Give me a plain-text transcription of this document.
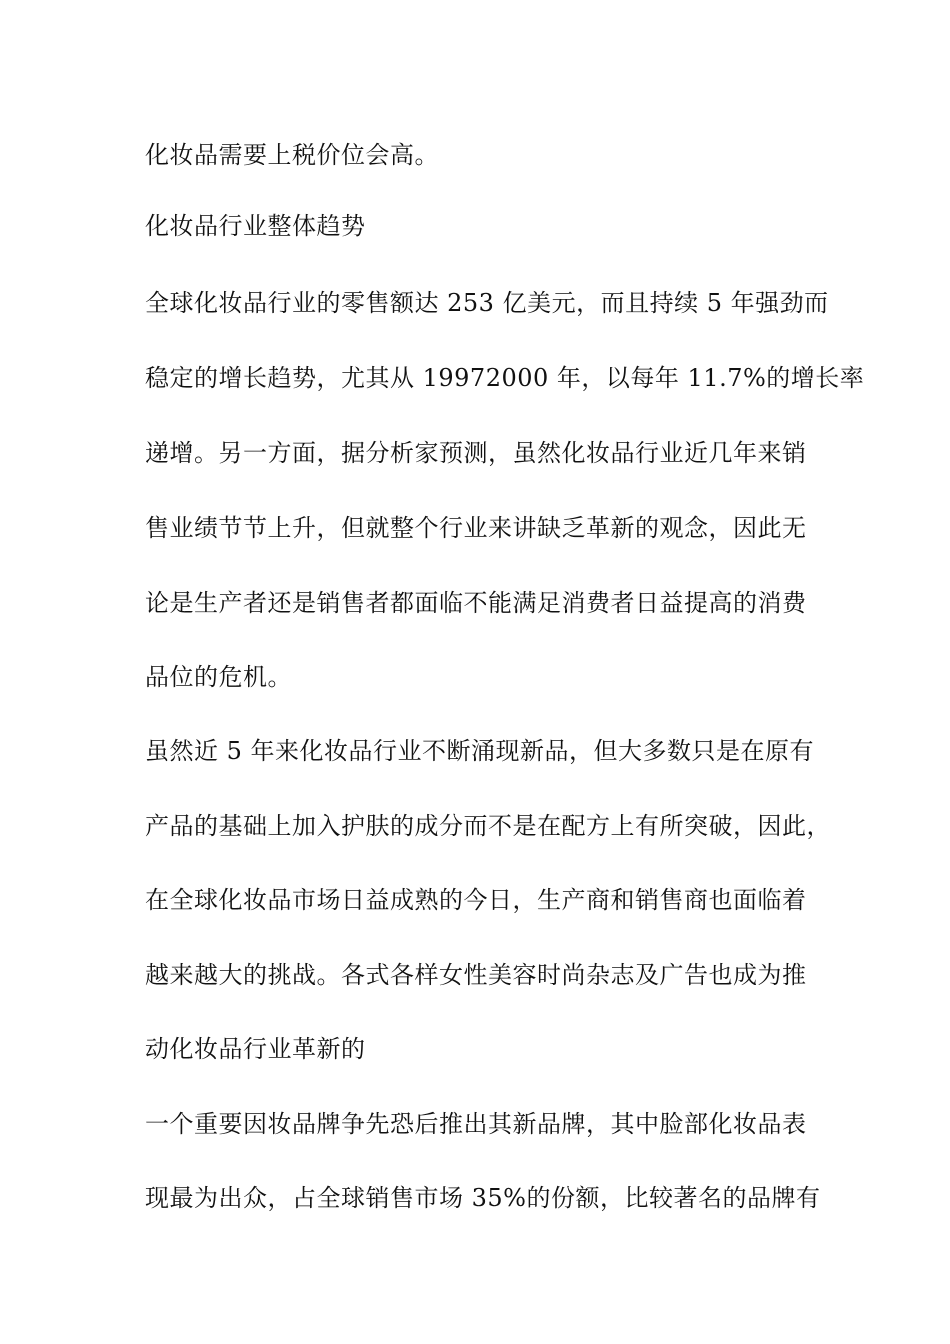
化妆品需要上税价位会高。
化妆品行业整体趋势
全球化妆品行业的零售额达 253 亿美元，而且持续 5 年强劲而
稳定的增长趋势，尤其从 19972000 年，以每年 11.7%的增长率
递增。另一方面，据分析家预测，虽然化妆品行业近几年来销
售业绩节节上升，但就整个行业来讲缺乏革新的观念，因此无
论是生产者还是销售者都面临不能满足消费者日益提高的消费
品位的危机。
虽然近 5 年来化妆品行业不断涌现新品，但大多数只是在原有
产品的基础上加入护肤的成分而不是在配方上有所突破，因此，
在全球化妆品市场日益成熟的今日，生产商和销售商也面临着
越来越大的挑战。各式各样女性美容时尚杂志及广告也成为推
动化妆品行业革新的
一个重要因妆品牌争先恐后推出其新品牌，其中脸部化妆品表
现最为出众，占全球销售市场 35%的份额，比较著名的品牌有
